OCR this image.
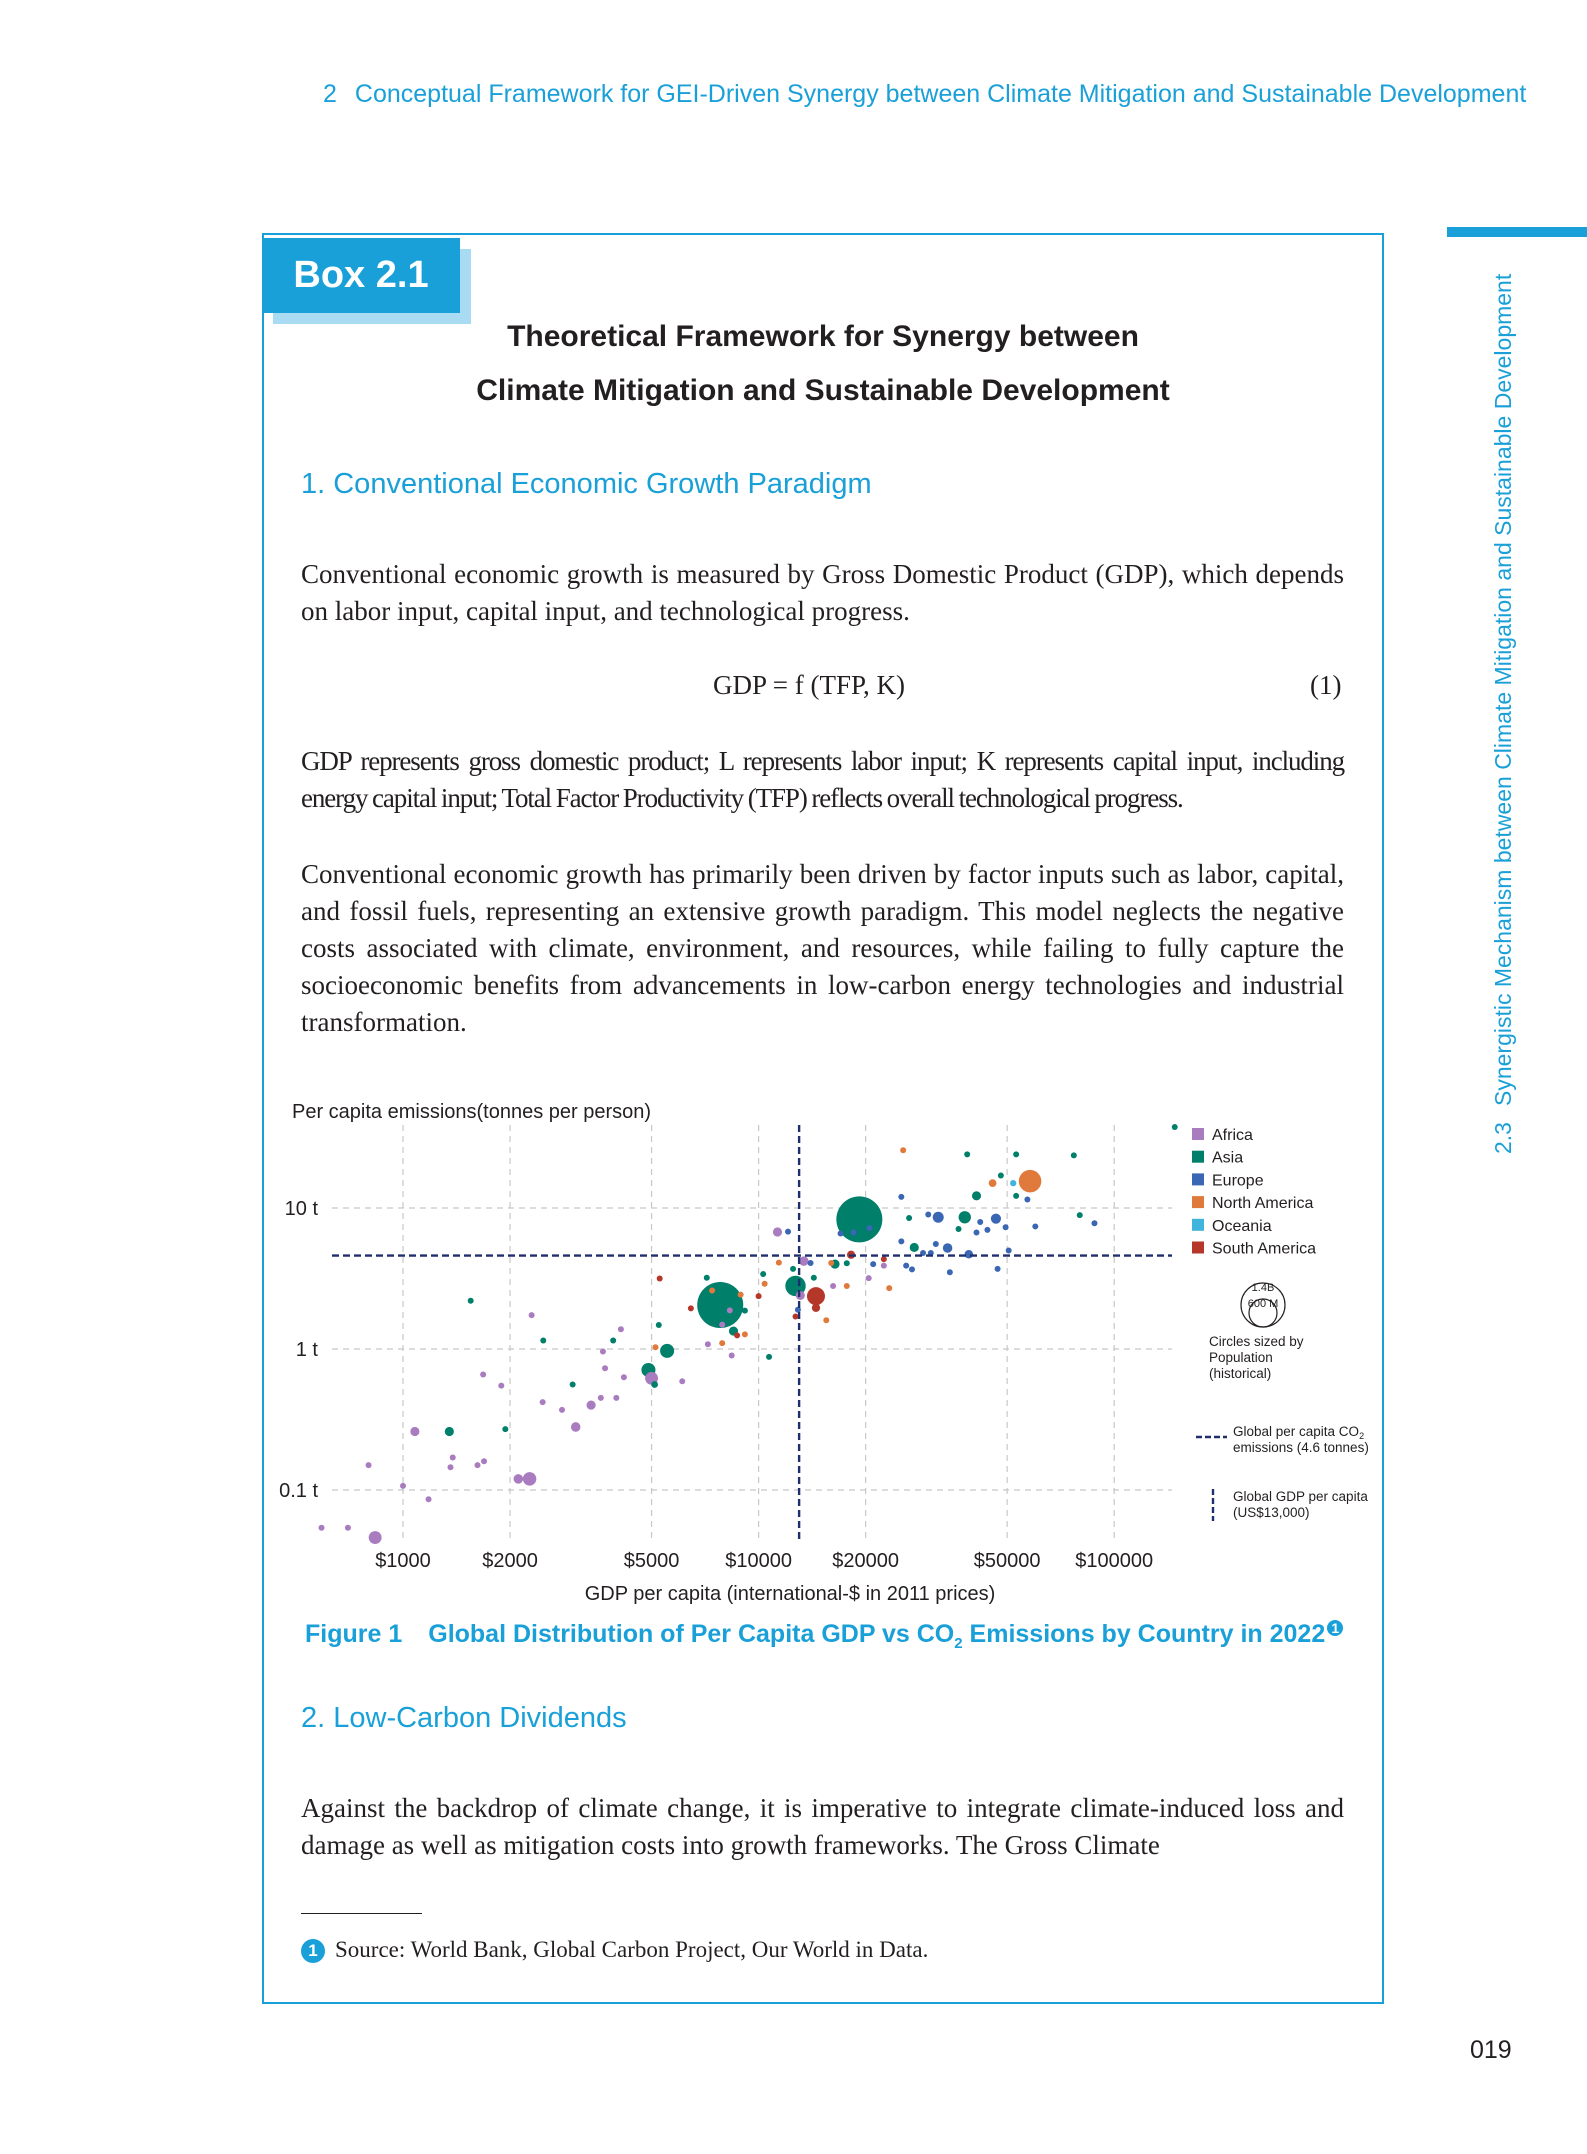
2 Conceptual Framework for GEI-Driven Synergy between Climate Mitigation and Sustainable Development
2.3Synergistic Mechanism between Climate Mitigation and Sustainable Development
Box 2.1
Theoretical Framework for Synergy between
Climate Mitigation and Sustainable Development
1. Conventional Economic Growth Paradigm
Conventional economic growth is measured by Gross Domestic Product (GDP), which depends on labor input, capital input, and technological progress.
GDP = f (TFP, K)	(1)
GDP represents gross domestic product; L represents labor input; K represents capital input, including energy capital input; Total Factor Productivity (TFP) reflects overall technological progress.
Conventional economic growth has primarily been driven by factor inputs such as labor, capital, and fossil fuels, representing an extensive growth paradigm. This model neglects the negative costs associated with climate, environment, and resources, while failing to fully capture the socioeconomic benefits from advancements in low-carbon energy technologies and industrial transformation.
$1000	$2000	$5000 $10000 $20000	$50000 $100000
10 t
1 t
0.1 t
Per capita emissions(tonnes per person)
GDP per capita (international-$ in 2011 prices)
Africa
Asia
Europe
North America
Oceania
South America
1.4B
600 M
Circles sized by
Population
(historical)
Global per capita $CO_2$
emissions (4.6 tonnes)
Global GDP per capita
(US$13,000)
Figure 1 Global Distribution of Per Capita GDP vs $CO_2$ Emissions by Country in 2022 $^1$
2. Low-Carbon Dividends
Against the backdrop of climate change, it is imperative to integrate climate-induced loss and damage as well as mitigation costs into growth frameworks. The Gross Climate
1 Source: World Bank, Global Carbon Project, Our World in Data.
019
